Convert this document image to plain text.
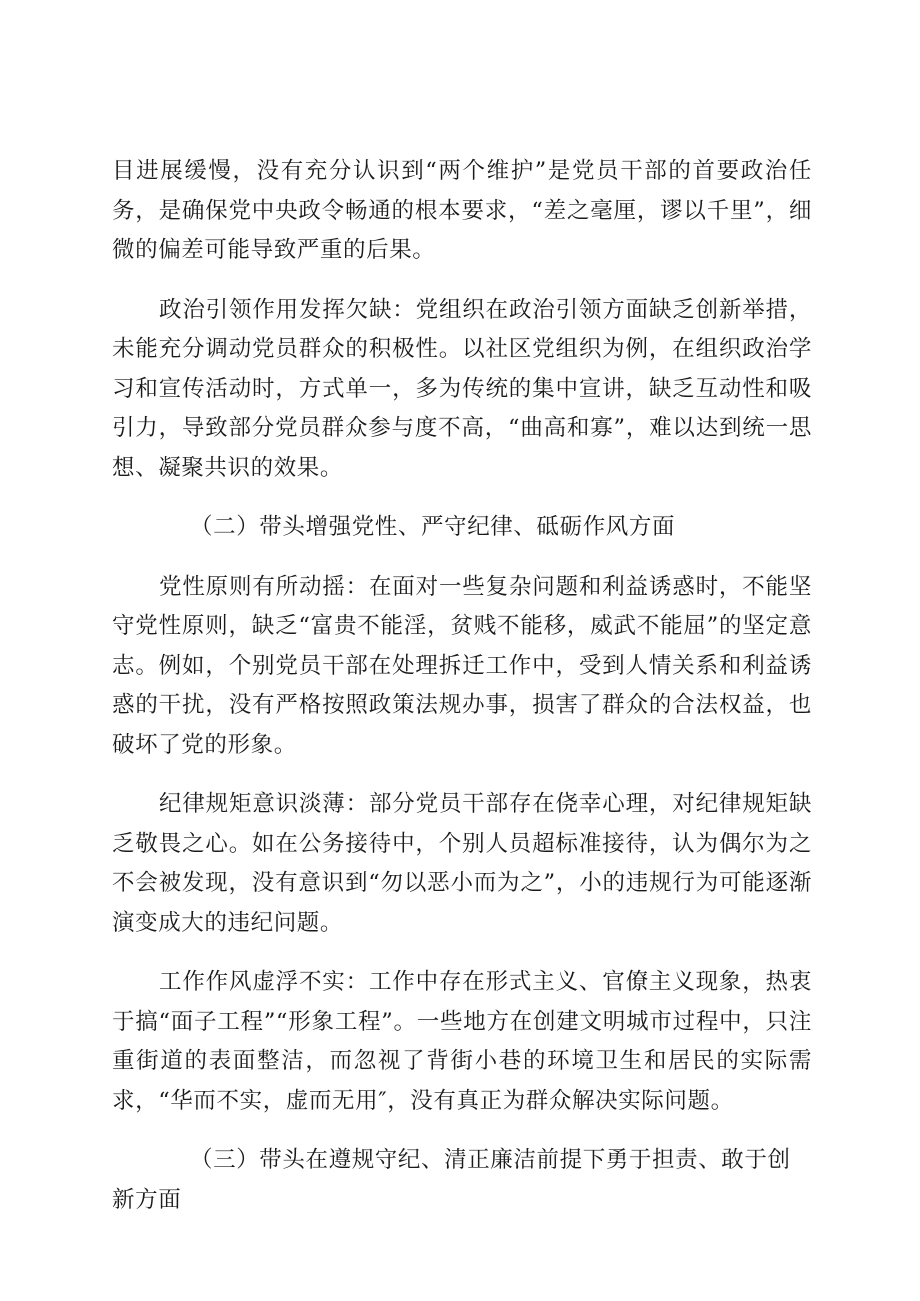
目进展缓慢，没有充分认识到“两个维护”是党员干部的首要政治任务，是确保党中央政令畅通的根本要求，“差之毫厘，谬以千里”，细微的偏差可能导致严重的后果。

政治引领作用发挥欠缺：党组织在政治引领方面缺乏创新举措，未能充分调动党员群众的积极性。以社区党组织为例，在组织政治学习和宣传活动时，方式单一，多为传统的集中宣讲，缺乏互动性和吸引力，导致部分党员群众参与度不高，“曲高和寡”，难以达到统一思想、凝聚共识的效果。

（二）带头增强党性、严守纪律、砥砺作风方面

党性原则有所动摇：在面对一些复杂问题和利益诱惑时，不能坚守党性原则，缺乏“富贵不能淫，贫贱不能移，威武不能屈”的坚定意志。例如，个别党员干部在处理拆迁工作中，受到人情关系和利益诱惑的干扰，没有严格按照政策法规办事，损害了群众的合法权益，也破坏了党的形象。

纪律规矩意识淡薄：部分党员干部存在侥幸心理，对纪律规矩缺乏敬畏之心。如在公务接待中，个别人员超标准接待，认为偶尔为之不会被发现，没有意识到“勿以恶小而为之”，小的违规行为可能逐渐演变成大的违纪问题。

工作作风虚浮不实：工作中存在形式主义、官僚主义现象，热衷于搞“面子工程”“形象工程”。一些地方在创建文明城市过程中，只注重街道的表面整洁，而忽视了背街小巷的环境卫生和居民的实际需求，“华而不实，虚而无用″，没有真正为群众解决实际问题。

（三）带头在遵规守纪、清正廉洁前提下勇于担责、敢于创新方面
